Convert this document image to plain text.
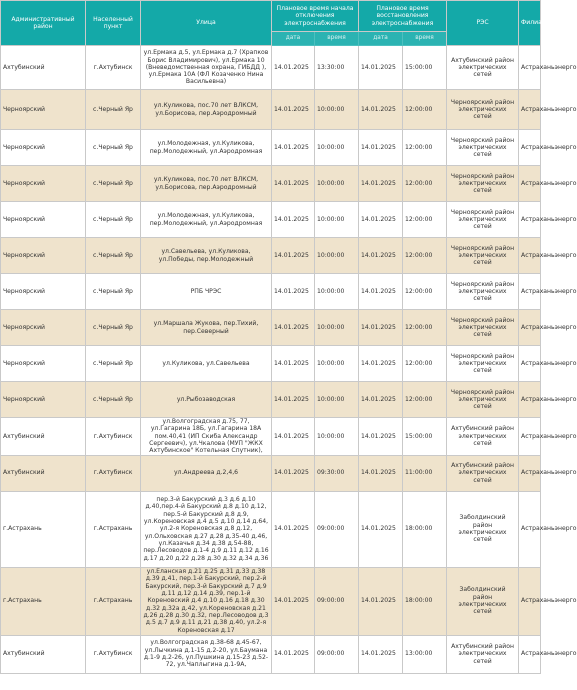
Административный район	Населенный пункт	Улица	Плановое время начала отключения электроснабжения		Плановое время восстановления электроснабжения		РЭС	Филиал
			дата	время	дата	время		
Ахтубинский	г.Ахтубинск	ул.Ермака д.5, ул.Ермака д.7 (Храпков Борис Владимирович), ул.Ермака 10 (Вневедомственная охрана, ГИБДД ), ул.Ермака 10А (ФЛ Козаченко Нина Васильевна)	14.01.2025	13:30:00	14.01.2025	15:00:00	Ахтубинский район электрических сетей	Астраханьэнерго
Черноярский	с.Черный Яр	ул.Куликова, пос.70 лет ВЛКСМ, ул.Борисова, пер.Аэродромный	14.01.2025	10:00:00	14.01.2025	12:00:00	Черноярский район электрических сетей	Астраханьэнерго
Черноярский	с.Черный Яр	ул.Молодежная, ул.Куликова, пер.Молодежный, ул.Аэродромная	14.01.2025	10:00:00	14.01.2025	12:00:00	Черноярский район электрических сетей	Астраханьэнерго
Черноярский	с.Черный Яр	ул.Куликова, пос.70 лет ВЛКСМ, ул.Борисова, пер.Аэродромный	14.01.2025	10:00:00	14.01.2025	12:00:00	Черноярский район электрических сетей	Астраханьэнерго
Черноярский	с.Черный Яр	ул.Молодежная, ул.Куликова, пер.Молодежный, ул.Аэродромная	14.01.2025	10:00:00	14.01.2025	12:00:00	Черноярский район электрических сетей	Астраханьэнерго
Черноярский	с.Черный Яр	ул.Савельева, ул.Куликова, ул.Победы, пер.Молодежный	14.01.2025	10:00:00	14.01.2025	12:00:00	Черноярский район электрических сетей	Астраханьэнерго
Черноярский	с.Черный Яр	РПБ ЧРЭС	14.01.2025	10:00:00	14.01.2025	12:00:00	Черноярский район электрических сетей	Астраханьэнерго
Черноярский	с.Черный Яр	ул.Маршала Жукова, пер.Тихий, пер.Северный	14.01.2025	10:00:00	14.01.2025	12:00:00	Черноярский район электрических сетей	Астраханьэнерго
Черноярский	с.Черный Яр	ул.Куликова, ул.Савельева	14.01.2025	10:00:00	14.01.2025	12:00:00	Черноярский район электрических сетей	Астраханьэнерго
Черноярский	с.Черный Яр	ул.Рыбозаводская	14.01.2025	10:00:00	14.01.2025	12:00:00	Черноярский район электрических сетей	Астраханьэнерго
Ахтубинский	г.Ахтубинск	ул.Волгоградская д.75, 77, ул.Гагарина 18Б, ул.Гагарина 18А пом.40,41 (ИП Скиба Александр Сергеевич), ул.Чкалова (МУП "ЖКХ Ахтубинское" Котельная Спутник),	14.01.2025	10:00:00	14.01.2025	15:00:00	Ахтубинский район электрических сетей	Астраханьэнерго
Ахтубинский	г.Ахтубинск	ул.Андреева д.2,4,6	14.01.2025	09:30:00	14.01.2025	11:00:00	Ахтубинский район электрических сетей	Астраханьэнерго
г.Астрахань	г.Астрахань	пер.3-й Бакурский д.3 д.6 д.10 д.40,пер.4-й Бакурский д.8 д.10 д.12, пер.5-й Бакурский д.8 д.9, ул.Кореновская д.4 д.5 д.10 д.14 д.64, ул.2-я Кореновская д.8 д.12, ул.Ольховская д.27 д.28 д.35-40 д.46, ул.Казачья д.34 д.38 д.54-88, пер.Лесоводов д.1-4 д.9 д.11 д.12 д.16 д.17 д.20 д.22 д.28 д.30 д.32 д.34 д.36	14.01.2025	09:00:00	14.01.2025	18:00:00	Заболдинский район электрических сетей	Астраханьэнерго
г.Астрахань	г.Астрахань	ул.Еланская д.21 д.25 д.31 д.33 д.38 д.39 д.41, пер.1-й Бакурский, пер.2-й Бакурский, пер.3-й Бакурский д.7 д.9 д.11 д.12 д.14 д.39, пер.1-й Кореновский д.4 д.10 д.16 д.18 д.30 д.32 д.32а д.42, ул.Кореновская д.21 д.26 д.28 д.30 д.32, пер.Лесоводов д.3 д.5 д.7 д.9 д.11 д.21 д.38 д.40, ул.2-я Кореновская д.17	14.01.2025	09:00:00	14.01.2025	18:00:00	Заболдинский район электрических сетей	Астраханьэнерго
Ахтубинский	г.Ахтубинск	ул.Волгоградская д.38-68 д.45-67, ул.Лычкина д.1-15 д.2-20, ул.Баумана д.1-9 д.2-26, ул.Пушкина д.15-23 д.52-72, ул.Чаплыгина д.1-9А,	14.01.2025	09:00:00	14.01.2025	13:00:00	Ахтубинский район электрических сетей	Астраханьэнерго
